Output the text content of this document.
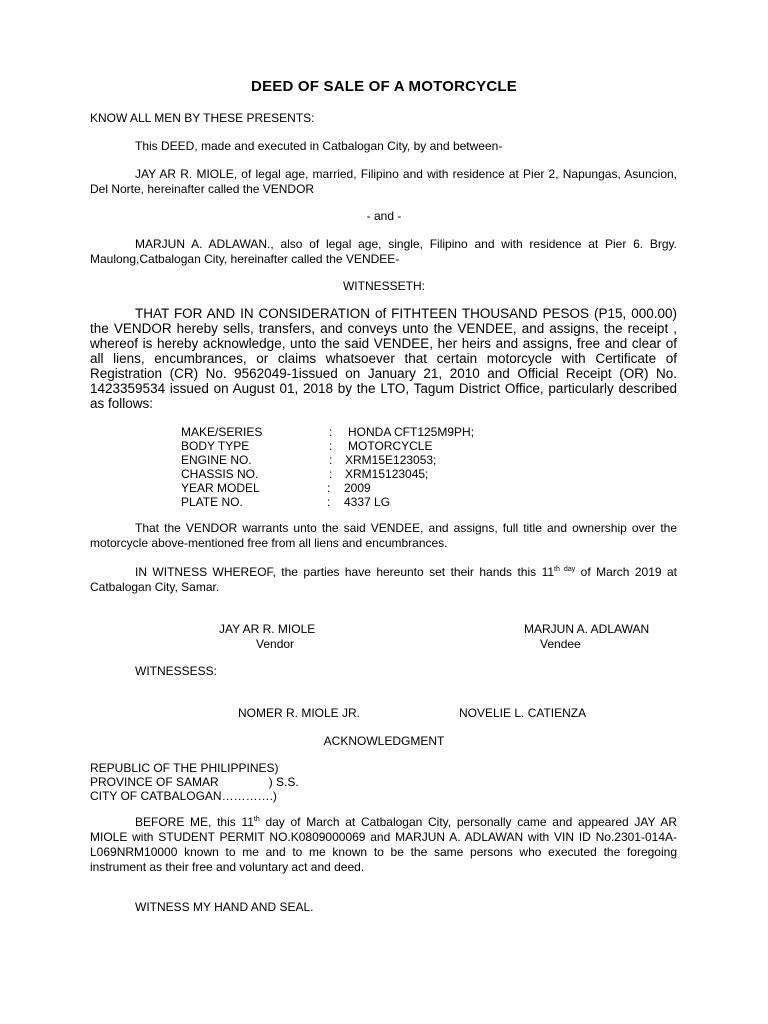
DEED OF SALE OF A MOTORCYCLE
KNOW ALL MEN BY THESE PRESENTS:
This DEED, made and executed in Catbalogan City, by and between-
JAY AR R. MIOLE, of legal age, married, Filipino and with residence at Pier 2, Napungas, Asuncion, Del Norte, hereinafter called the VENDOR
- and -
MARJUN A. ADLAWAN., also of legal age, single, Filipino and with residence at Pier 6. Brgy. Maulong,Catbalogan City, hereinafter called the VENDEE-
WITNESSETH:
THAT FOR AND IN CONSIDERATION of FITHTEEN THOUSAND PESOS (P15, 000.00) the VENDOR hereby sells, transfers, and conveys unto the VENDEE, and assigns, the receipt , whereof is hereby acknowledge, unto the said VENDEE, her heirs and assigns, free and clear of all liens, encumbrances, or claims whatsoever that certain motorcycle with Certificate of Registration (CR) No. 9562049-1issued on January 21, 2010 and Official Receipt (OR) No. 1423359534 issued on August 01, 2018 by the LTO, Tagum District Office, particularly described as follows:
MAKE/SERIES	: HONDA CFT125M9PH;
BODY TYPE	: MOTORCYCLE
ENGINE NO.	: XRM15E123053;
CHASSIS NO.	: XRM15123045;
YEAR MODEL	: 2009
PLATE NO.	: 4337 LG
That the VENDOR warrants unto the said VENDEE, and assigns, full title and ownership over the motorcycle above-mentioned free from all liens and encumbrances.
IN WITNESS WHEREOF, the parties have hereunto set their hands this $11^{th day}$ of March 2019 at Catbalogan City, Samar.
JAY AR R. MIOLE
Vendor
MARJUN A. ADLAWAN
Vendee
WITNESSESS:
NOMER R. MIOLE JR.	NOVELIE L. CATIENZA
ACKNOWLEDGMENT
REPUBLIC OF THE PHILIPPINES)
PROVINCE OF SAMAR               ) S.S.
CITY OF CATBALOGAN………….)
BEFORE ME, this 11th day of March at Catbalogan City, personally came and appeared JAY AR MIOLE with STUDENT PERMIT NO.K0809000069 and MARJUN A. ADLAWAN with VIN ID No.2301-014A-L069NRM10000 known to me and to me known to be the same persons who executed the foregoing instrument as their free and voluntary act and deed.
WITNESS MY HAND AND SEAL.
